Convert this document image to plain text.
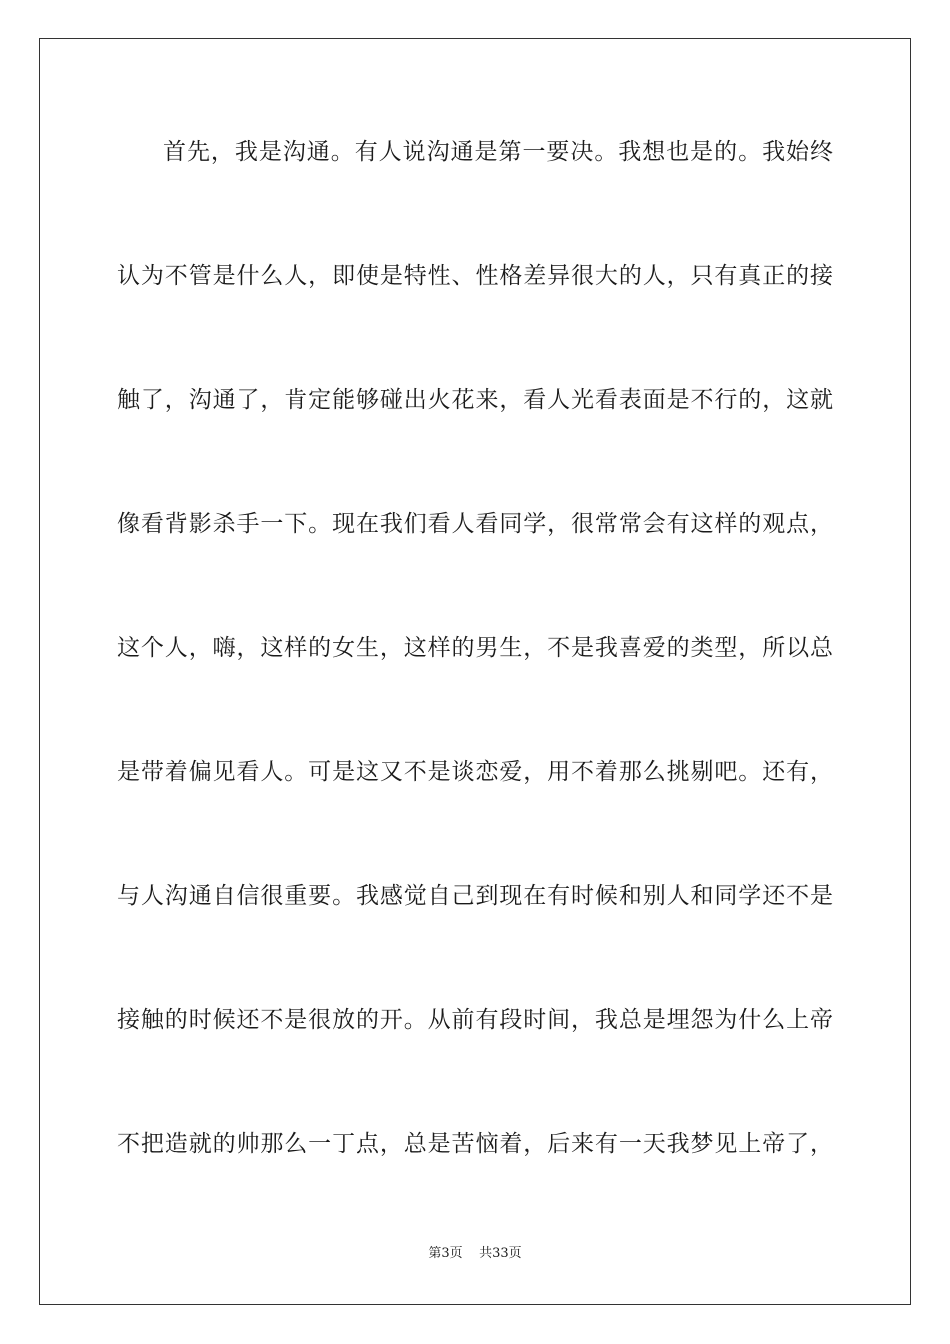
首先，我是沟通。有人说沟通是第一要决。我想也是的。我始终
认为不管是什么人，即使是特性、性格差异很大的人，只有真正的接
触了，沟通了，肯定能够碰出火花来，看人光看表面是不行的，这就
像看背影杀手一下。现在我们看人看同学，很常常会有这样的观点，
这个人，嗨，这样的女生，这样的男生，不是我喜爱的类型，所以总
是带着偏见看人。可是这又不是谈恋爱，用不着那么挑剔吧。还有，
与人沟通自信很重要。我感觉自己到现在有时候和别人和同学还不是
接触的时候还不是很放的开。从前有段时间，我总是埋怨为什么上帝
不把造就的帅那么一丁点，总是苦恼着，后来有一天我梦见上帝了，
第3页    共33页
